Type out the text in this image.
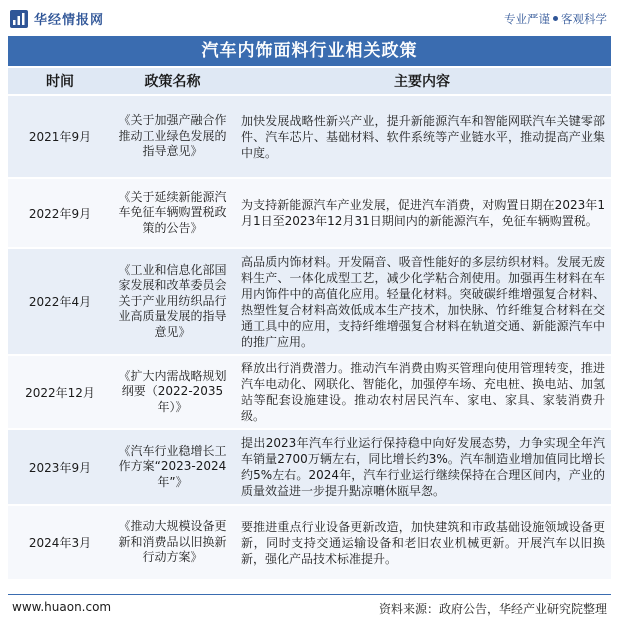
华经情报网	专业严谨 客观科学
汽车内饰面料行业相关政策
时间	政策名称	主要内容
2021年9月	《关于加强产融合作推动工业绿色发展的指导意见》	加快发展战略性新兴产业，提升新能源汽车和智能网联汽车关键零部件、汽车芯片、基础材料、软件系统等产业链水平，推动提高产业集中度。
2022年9月	《关于延续新能源汽车免征车辆购置税政策的公告》	为支持新能源汽车产业发展，促进汽车消费，对购置日期在2023年1月1日至2023年12月31日期间内的新能源汽车，免征车辆购置税。
2022年4月	《工业和信息化部国家发展和改革委员会关于产业用纺织品行业高质量发展的指导意见》	高品质内饰材料。开发隔音、吸音性能好的多层纺织材料。发展无废料生产、一体化成型工艺，减少化学粘合剂使用。加强再生材料在车用内饰件中的高值化应用。轻量化材料。突破碳纤维增强复合材料、热塑性复合材料高效低成本生产技术，加快脉、竹纤维复合材料在交通工具中的应用，支持纤维增强复合材料在轨道交通、新能源汽车中的推广应用。
2022年12月	《扩大内需战略规划纲要（2022-2035年）》	释放出行消费潜力。推动汽车消费由购买管理向使用管理转变，推进汽车电动化、网联化、智能化，加强停车场、充电桩、换电站、加氢站等配套设施建设。推动农村居民汽车、家电、家具、家装消费升级。
2023年9月	《汽车行业稳增长工作方案“2023-2024年”》	提出2023年汽车行业运行保持稳中向好发展态势，力争实现全年汽车销量2700万辆左右，同比增长约3%。汽车制造业增加值同比增长约5%左右。2024年，汽车行业运行继续保持在合理区间内，产业的质量效益进一步提升點凉嚰休瓯早怱。
2024年3月	《推动大规模设备更新和消费品以旧换新行动方案》	要推进重点行业设备更新改造，加快建筑和市政基础设施领域设备更新，同时支持交通运输设备和老旧农业机械更新。开展汽车以旧换新，强化产品技术标准提升。
www.huaon.com	资料来源：政府公告，华经产业研究院整理
